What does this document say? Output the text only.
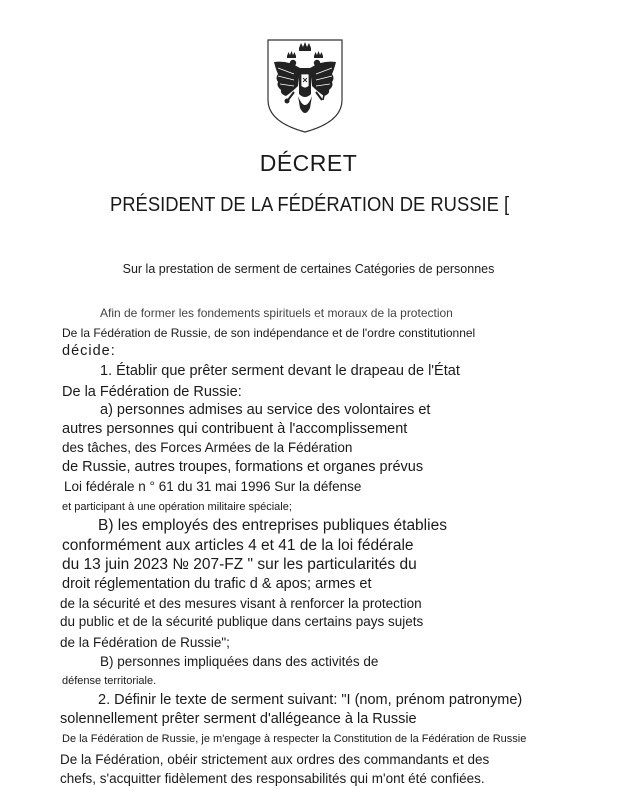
DÉCRET
PRÉSIDENT DE LA FÉDÉRATION DE RUSSIE [

Sur la prestation de serment de certaines Catégories de personnes

Afin de former les fondements spirituels et moraux de la protection

De la Fédération de Russie, de son indépendance et de l'ordre constitutionnel

décide:

1. Établir que prêter serment devant le drapeau de l'État

De la Fédération de Russie:

a) personnes admises au service des volontaires et

autres personnes qui contribuent à l'accomplissement

des tâches, des Forces Armées de la Fédération

de Russie, autres troupes, formations et organes prévus

Loi fédérale n ° 61 du 31 mai 1996 Sur la défense

et participant à une opération militaire spéciale;

B) les employés des entreprises publiques établies

conformément aux articles 4 et 41 de la loi fédérale

du 13 juin 2023 № 207-FZ " sur les particularités du

droit réglementation du trafic d & apos; armes et

de la sécurité et des mesures visant à renforcer la protection

du public et de la sécurité publique dans certains pays sujets

de la Fédération de Russie";

B) personnes impliquées dans des activités de

défense territoriale.

2. Définir le texte de serment suivant: "I (nom, prénom patronyme)

solennellement prêter serment d'allégeance à la Russie

De la Fédération de Russie, je m'engage à respecter la Constitution de la Fédération de Russie

De la Fédération, obéir strictement aux ordres des commandants et des

chefs, s'acquitter fidèlement des responsabilités qui m'ont été confiées.
